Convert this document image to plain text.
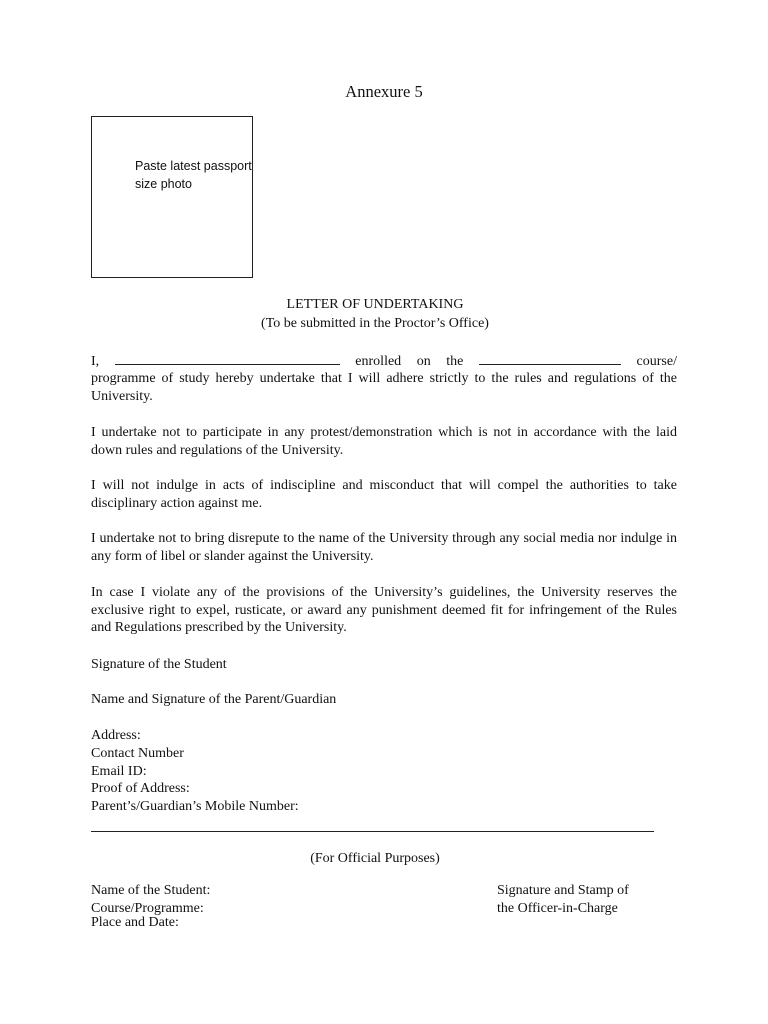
Annexure 5
Paste latest passport
size photo
LETTER OF UNDERTAKING
(To be submitted in the Proctor’s Office)
I,	enrolled on the	course/
programme of study hereby undertake that I will adhere strictly to the rules and regulations of the University.
I undertake not to participate in any protest/demonstration which is not in accordance with the laid down rules and regulations of the University.
I will not indulge in acts of indiscipline and misconduct that will compel the authorities to take disciplinary action against me.
I undertake not to bring disrepute to the name of the University through any social media nor indulge in any form of libel or slander against the University.
In case I violate any of the provisions of the University’s guidelines, the University reserves the exclusive right to expel, rusticate, or award any punishment deemed fit for infringement of the Rules and Regulations prescribed by the University.
Signature of the Student
Name and Signature of the Parent/Guardian
Address:
Contact Number
Email ID:
Proof of Address:
Parent’s/Guardian’s Mobile Number:
(For Official Purposes)
Name of the Student:
Course/Programme:
Place and Date:
Signature and Stamp of
the Officer-in-Charge
